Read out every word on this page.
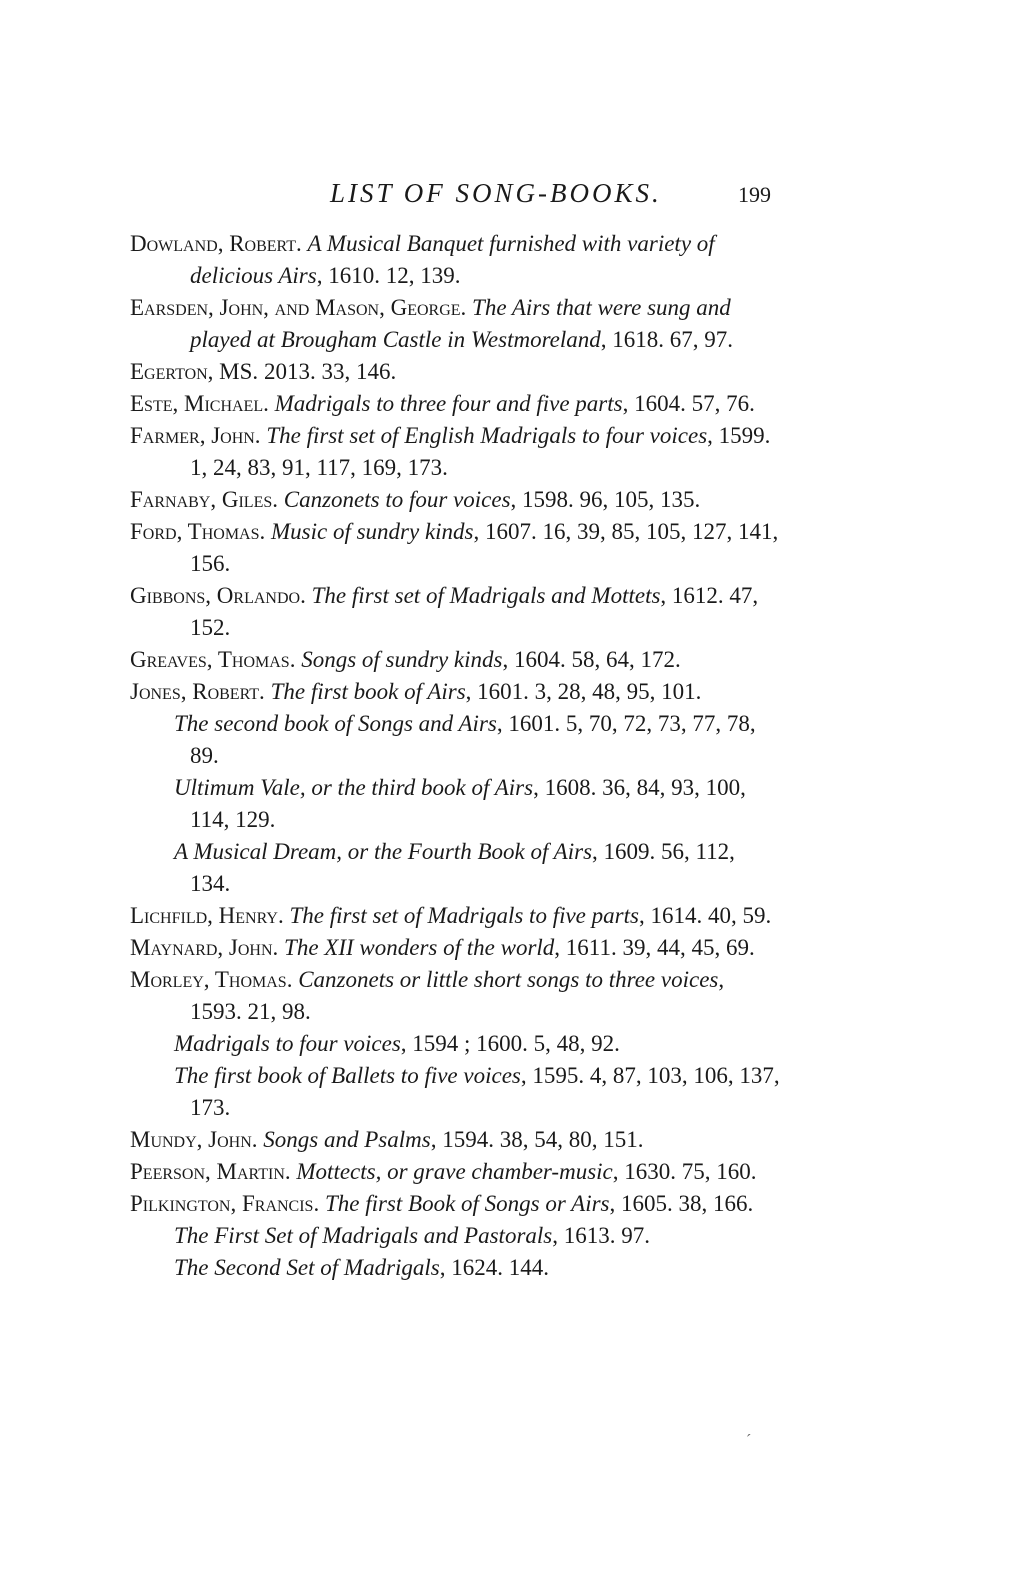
LIST OF SONG-BOOKS.	199
Dowland, Robert. A Musical Banquet furnished with variety of delicious Airs, 1610. 12, 139.
Earsden, John, and Mason, George. The Airs that were sung and played at Brougham Castle in Westmoreland, 1618. 67, 97.
Egerton, MS. 2013. 33, 146.
Este, Michael. Madrigals to three four and five parts, 1604. 57, 76.
Farmer, John. The first set of English Madrigals to four voices, 1599. 1, 24, 83, 91, 117, 169, 173.
Farnaby, Giles. Canzonets to four voices, 1598. 96, 105, 135.
Ford, Thomas. Music of sundry kinds, 1607. 16, 39, 85, 105, 127, 141, 156.
Gibbons, Orlando. The first set of Madrigals and Mottets, 1612. 47, 152.
Greaves, Thomas. Songs of sundry kinds, 1604. 58, 64, 172.
Jones, Robert. The first book of Airs, 1601. 3, 28, 48, 95, 101.
The second book of Songs and Airs, 1601. 5, 70, 72, 73, 77, 78, 89.
Ultimum Vale, or the third book of Airs, 1608. 36, 84, 93, 100, 114, 129.
A Musical Dream, or the Fourth Book of Airs, 1609. 56, 112, 134.
Lichfild, Henry. The first set of Madrigals to five parts, 1614. 40, 59.
Maynard, John. The XII wonders of the world, 1611. 39, 44, 45, 69.
Morley, Thomas. Canzonets or little short songs to three voices, 1593. 21, 98.
Madrigals to four voices, 1594 ; 1600. 5, 48, 92.
The first book of Ballets to five voices, 1595. 4, 87, 103, 106, 137, 173.
Mundy, John. Songs and Psalms, 1594. 38, 54, 80, 151.
Peerson, Martin. Mottects, or grave chamber-music, 1630. 75, 160.
Pilkington, Francis. The first Book of Songs or Airs, 1605. 38, 166.
The First Set of Madrigals and Pastorals, 1613. 97.
The Second Set of Madrigals, 1624. 144.
ˊ
